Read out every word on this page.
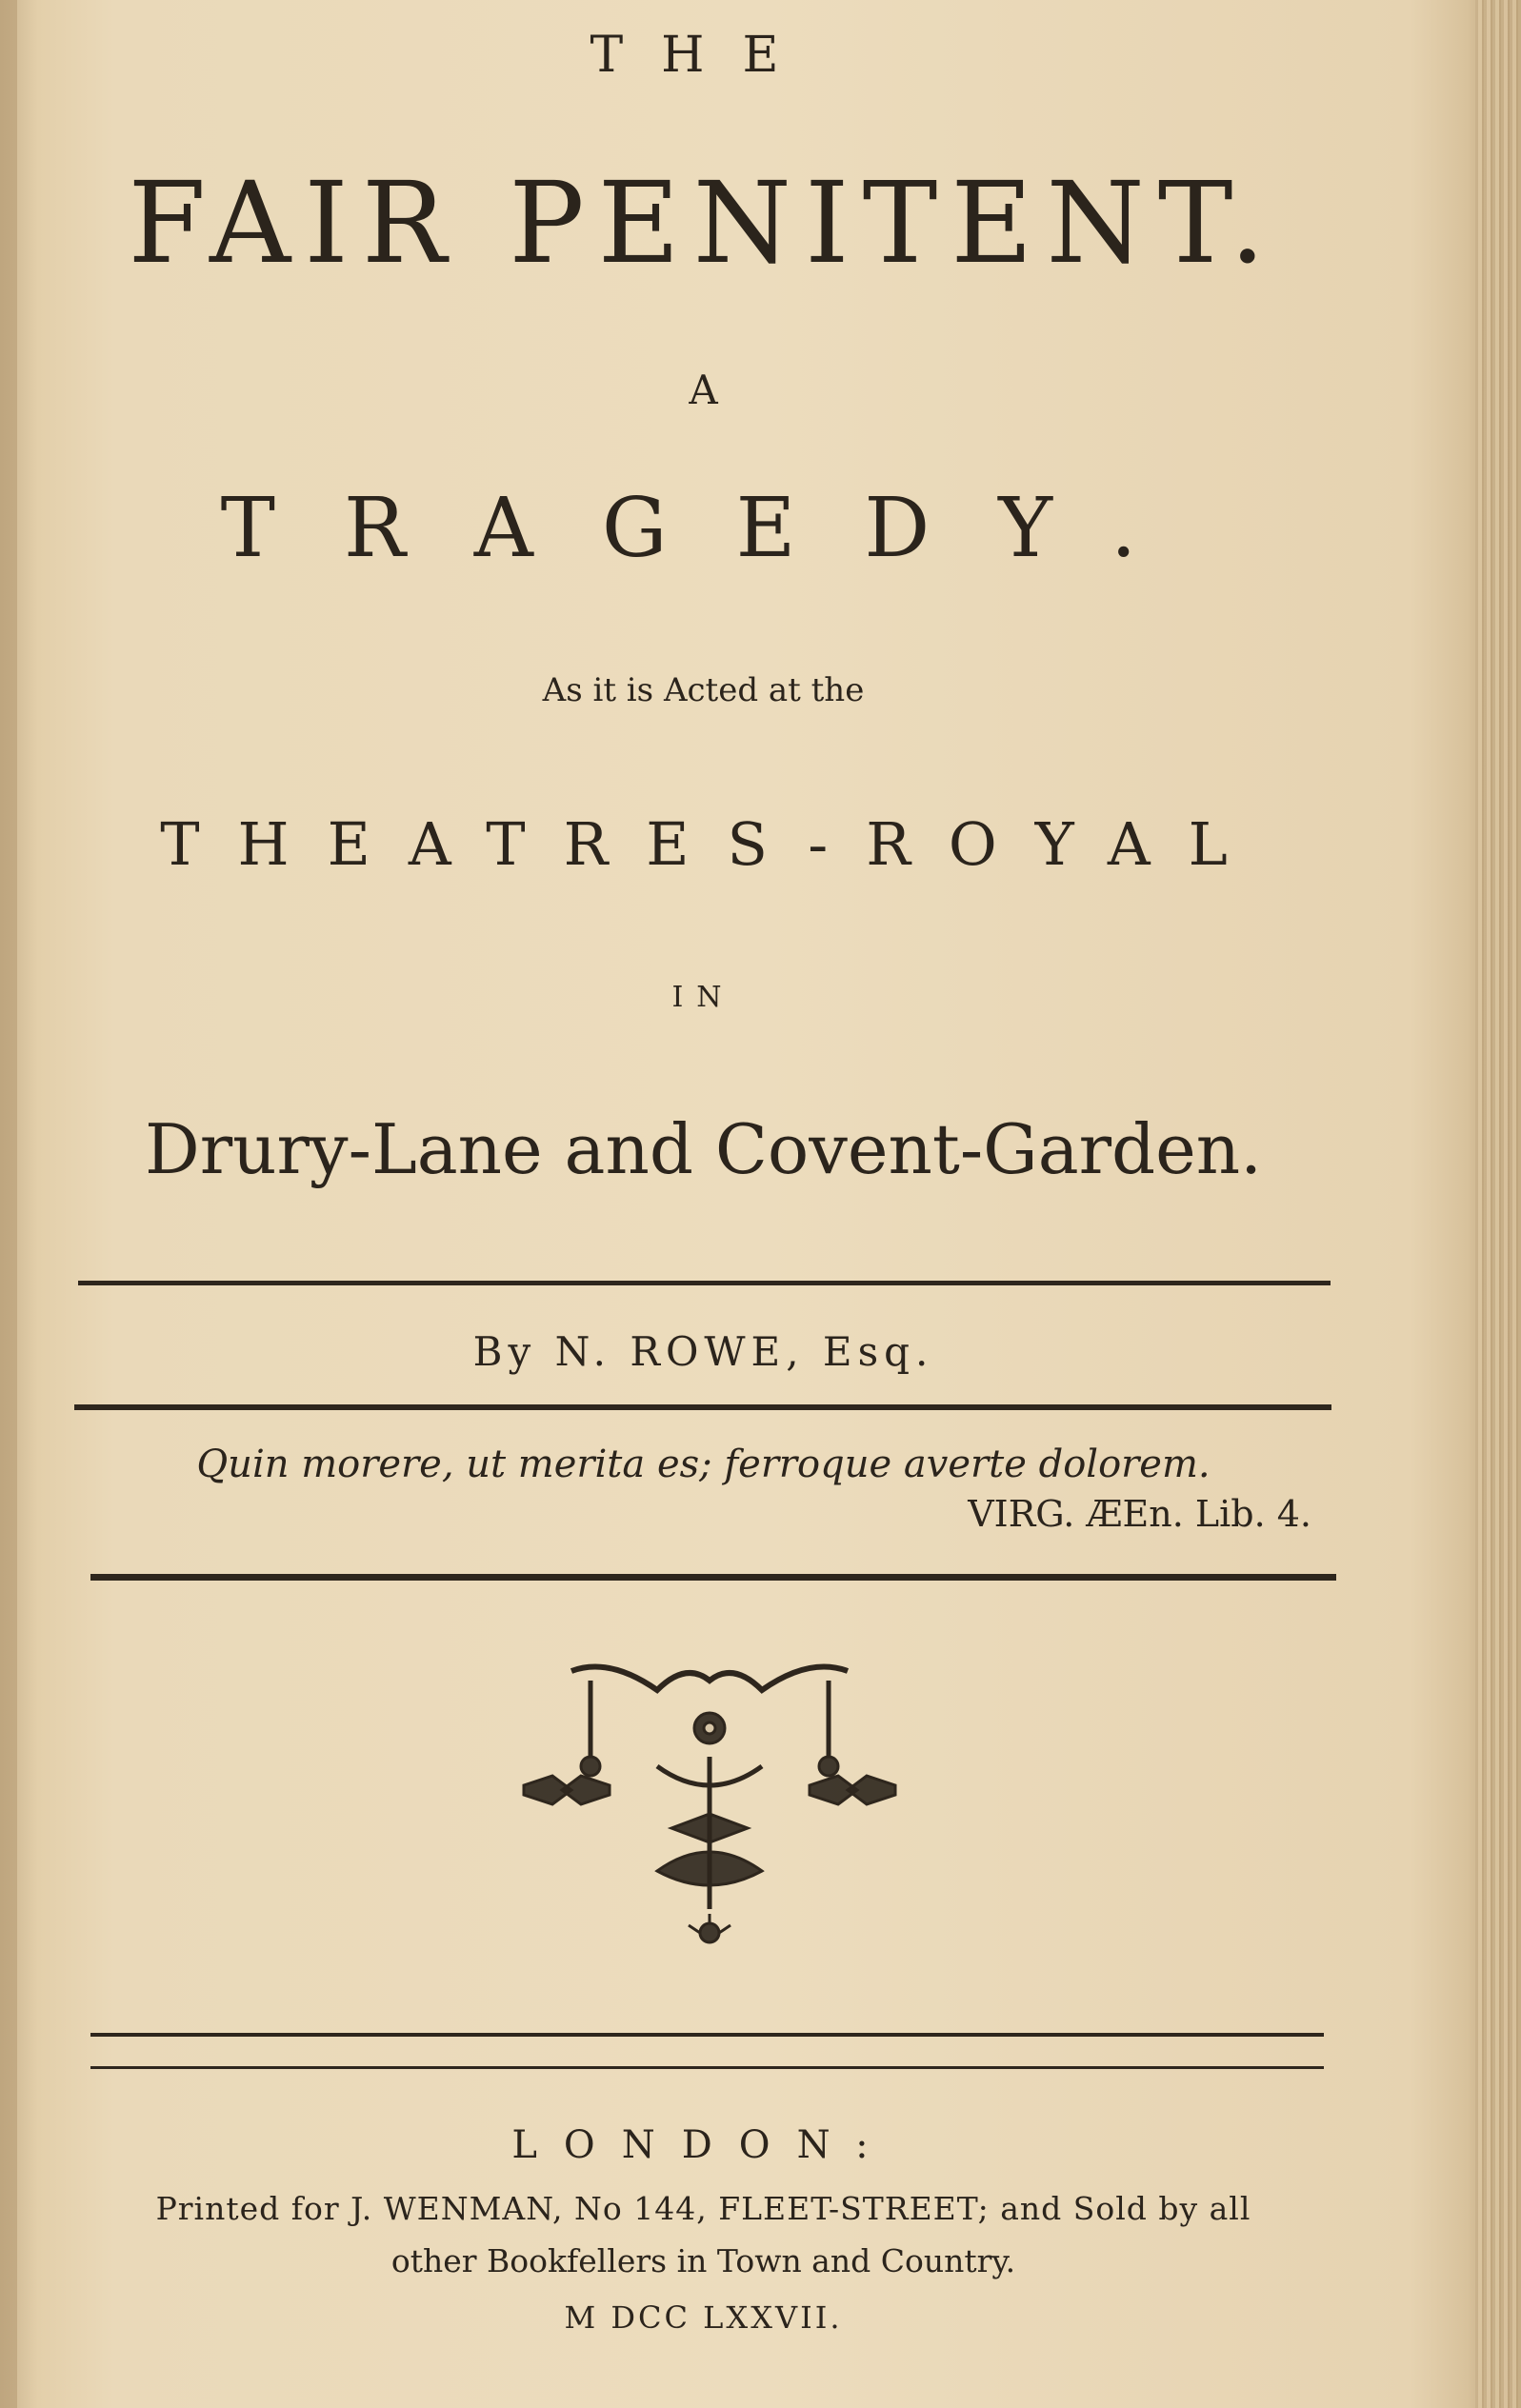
THE
FAIR PENITENT.
A
TRAGEDY.
As it is Acted at the
THEATRES-ROYAL
IN
Drury-Lane and Covent-Garden.
By N. ROWE, Esq.
Quin morere, ut merita es; ferroque averte dolorem.
VIRG. ÆEn. Lib. 4.
LONDON:
Printed for J. WENMAN, No 144, FLEET-STREET; and Sold by all
other Bookfellers in Town and Country.
M DCC LXXVII.
